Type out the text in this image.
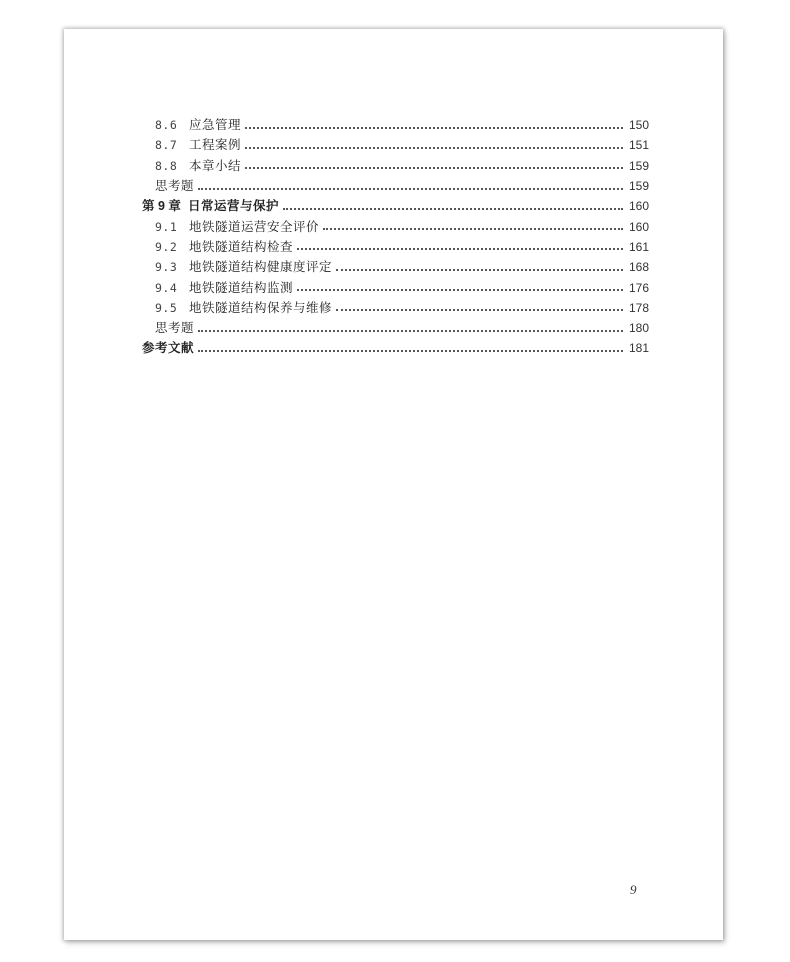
8.6 应急管理	150
8.7 工程案例	151
8.8 本章小结	159
思考题	159
第 9 章 日常运营与保护	160
9.1 地铁隧道运营安全评价	160
9.2 地铁隧道结构检查	161
9.3 地铁隧道结构健康度评定	168
9.4 地铁隧道结构监测	176
9.5 地铁隧道结构保养与维修	178
思考题	180
参考文献	181
9
